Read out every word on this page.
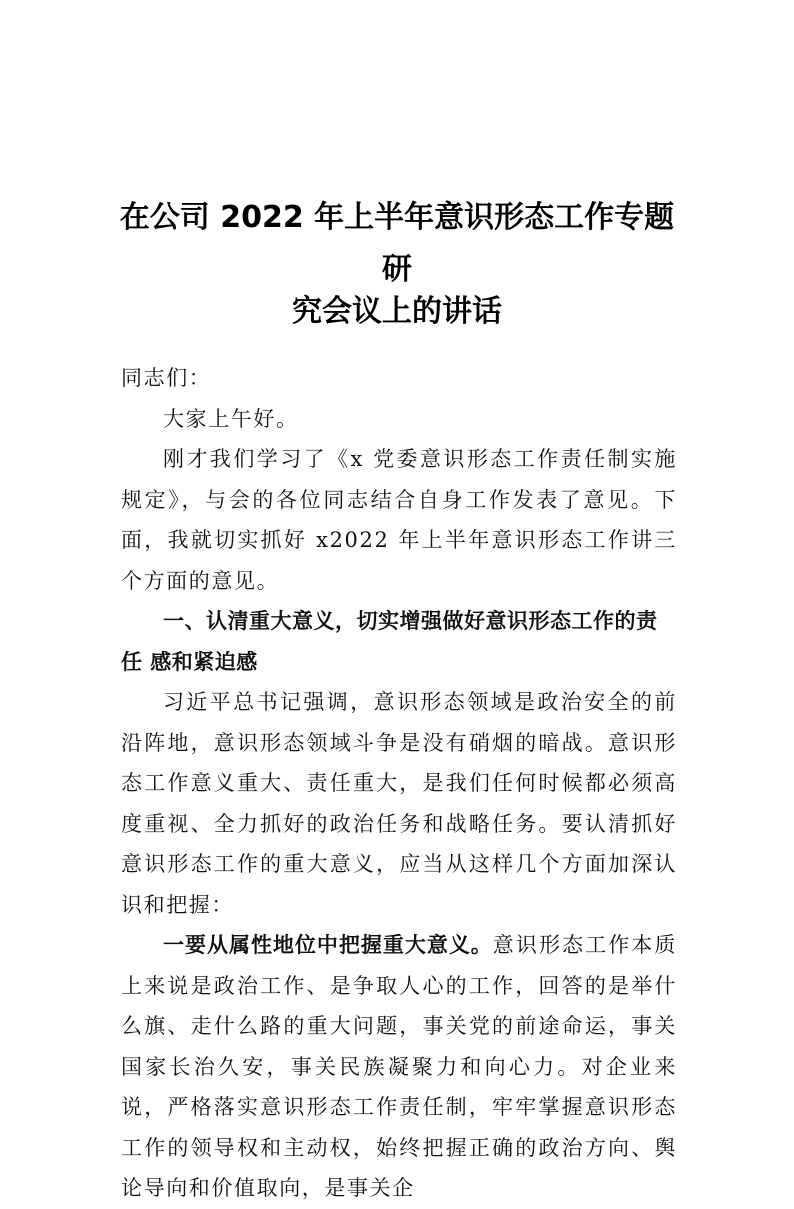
在公司 2022 年上半年意识形态工作专题
研
究会议上的讲话

同志们：

大家上午好。

刚才我们学习了《x 党委意识形态工作责任制实施规定》，与会的各位同志结合自身工作发表了意见。下面，我就切实抓好 x2022 年上半年意识形态工作讲三个方面的意见。

一、认清重大意义，切实增强做好意识形态工作的责任 感和紧迫感

习近平总书记强调，意识形态领域是政治安全的前沿阵地，意识形态领域斗争是没有硝烟的暗战。意识形态工作意义重大、责任重大，是我们任何时候都必须高度重视、全力抓好的政治任务和战略任务。要认清抓好意识形态工作的重大意义，应当从这样几个方面加深认识和把握：

一要从属性地位中把握重大意义。意识形态工作本质上来说是政治工作、是争取人心的工作，回答的是举什么旗、走什么路的重大问题，事关党的前途命运，事关国家长治久安，事关民族凝聚力和向心力。对企业来说，严格落实意识形态工作责任制，牢牢掌握意识形态工作的领导权和主动权，始终把握正确的政治方向、舆论导向和价值取向，是事关企
